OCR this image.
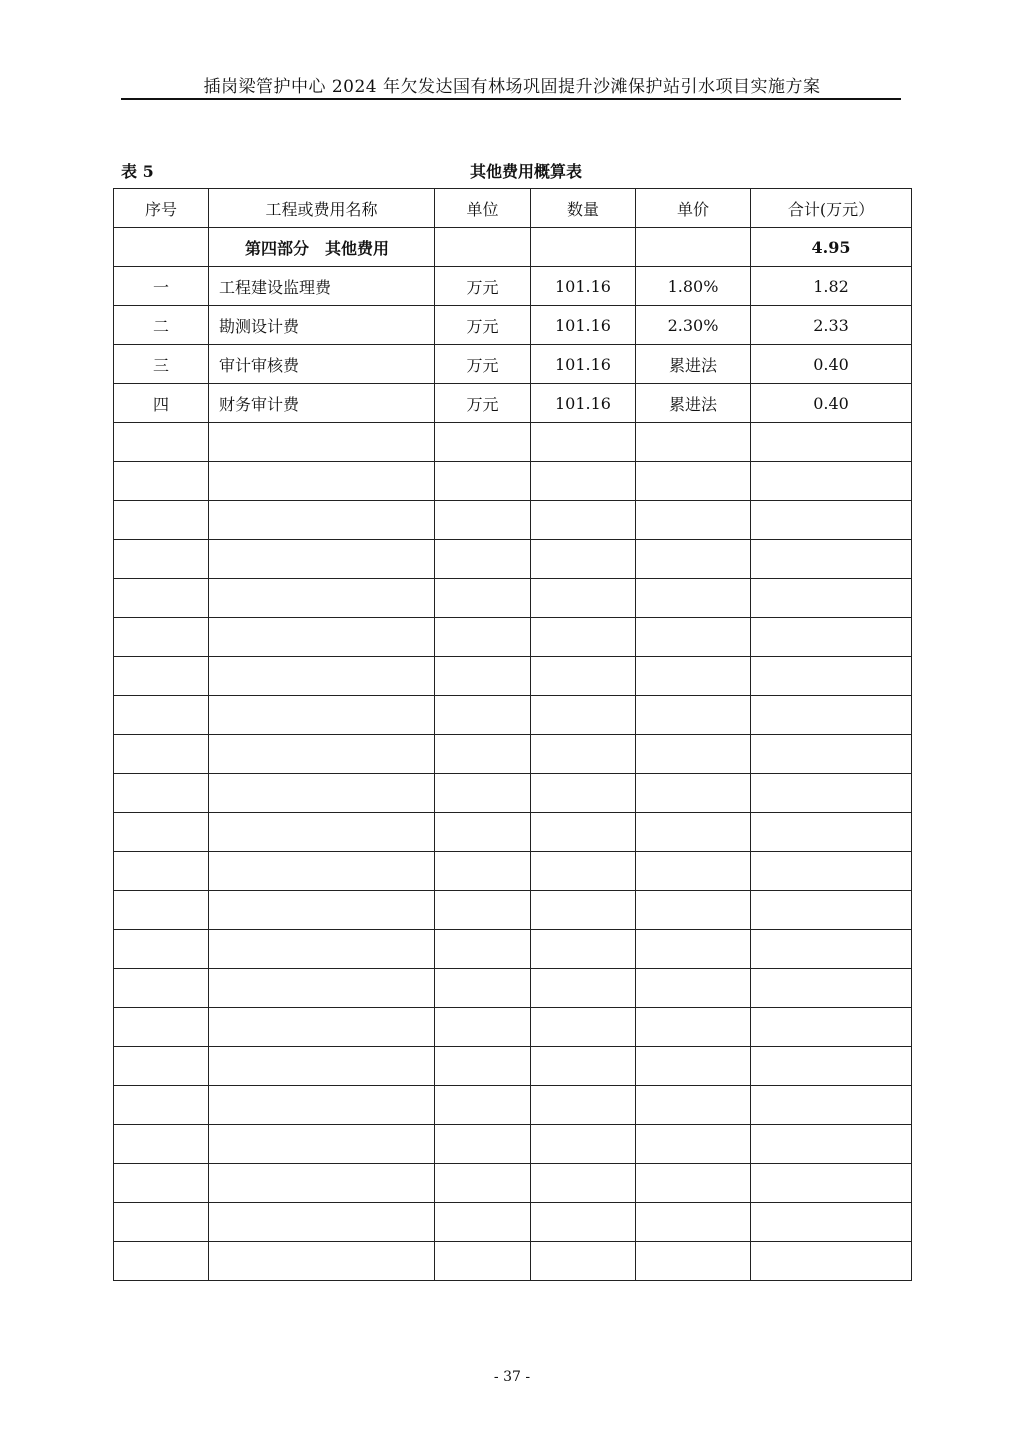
插岗梁管护中心 2024 年欠发达国有林场巩固提升沙滩保护站引水项目实施方案
表 5	其他费用概算表
序号	工程或费用名称	单位	数量	单价	合计(万元）
	第四部分　其他费用				4.95
一	工程建设监理费	万元	101.16	1.80%	1.82
二	勘测设计费	万元	101.16	2.30%	2.33
三	审计审核费	万元	101.16	累进法	0.40
四	财务审计费	万元	101.16	累进法	0.40

- 37 -
